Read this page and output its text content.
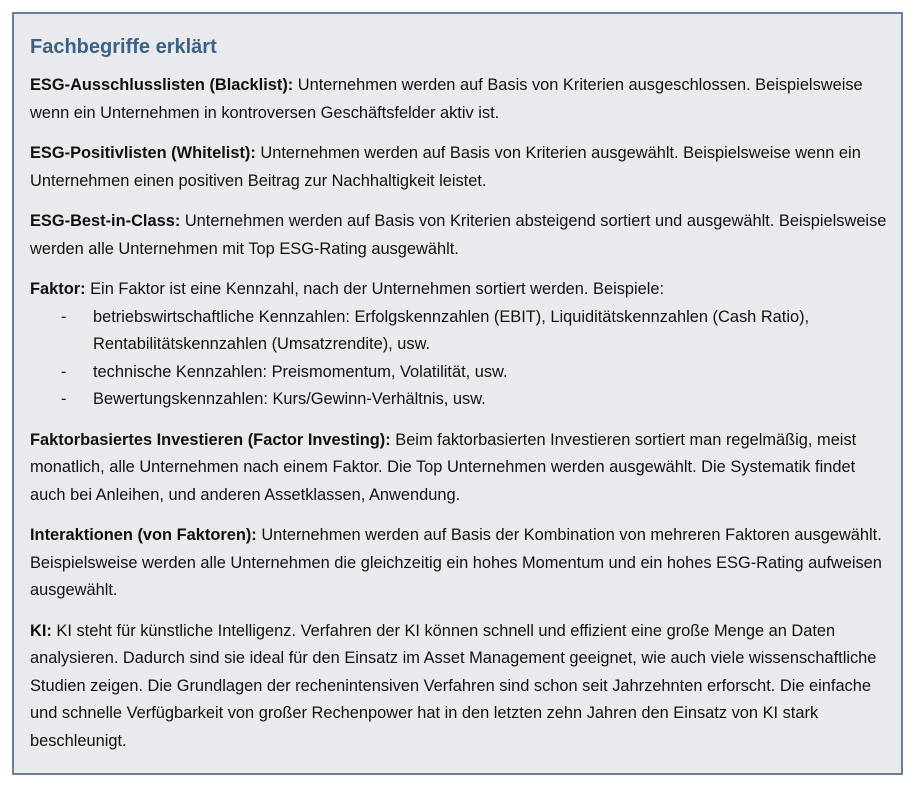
Fachbegriffe erklärt

ESG-Ausschlusslisten (Blacklist): Unternehmen werden auf Basis von Kriterien ausgeschlossen. Beispielsweise wenn ein Unternehmen in kontroversen Geschäftsfelder aktiv ist.

ESG-Positivlisten (Whitelist): Unternehmen werden auf Basis von Kriterien ausgewählt. Beispielsweise wenn ein Unternehmen einen positiven Beitrag zur Nachhaltigkeit leistet.

ESG-Best-in-Class: Unternehmen werden auf Basis von Kriterien absteigend sortiert und ausgewählt. Beispielsweise werden alle Unternehmen mit Top ESG-Rating ausgewählt.

Faktor: Ein Faktor ist eine Kennzahl, nach der Unternehmen sortiert werden. Beispiele:
- betriebswirtschaftliche Kennzahlen: Erfolgskennzahlen (EBIT), Liquiditätskennzahlen (Cash Ratio), Rentabilitätskennzahlen (Umsatzrendite), usw.
- technische Kennzahlen: Preismomentum, Volatilität, usw.
- Bewertungskennzahlen: Kurs/Gewinn-Verhältnis, usw.

Faktorbasiertes Investieren (Factor Investing): Beim faktorbasierten Investieren sortiert man regelmäßig, meist monatlich, alle Unternehmen nach einem Faktor. Die Top Unternehmen werden ausgewählt. Die Systematik findet auch bei Anleihen, und anderen Assetklassen, Anwendung.

Interaktionen (von Faktoren): Unternehmen werden auf Basis der Kombination von mehreren Faktoren ausgewählt. Beispielsweise werden alle Unternehmen die gleichzeitig ein hohes Momentum und ein hohes ESG-Rating aufweisen ausgewählt.

KI: KI steht für künstliche Intelligenz. Verfahren der KI können schnell und effizient eine große Menge an Daten analysieren. Dadurch sind sie ideal für den Einsatz im Asset Management geeignet, wie auch viele wissenschaftliche Studien zeigen. Die Grundlagen der rechenintensiven Verfahren sind schon seit Jahrzehnten erforscht. Die einfache und schnelle Verfügbarkeit von großer Rechenpower hat in den letzten zehn Jahren den Einsatz von KI stark beschleunigt.
